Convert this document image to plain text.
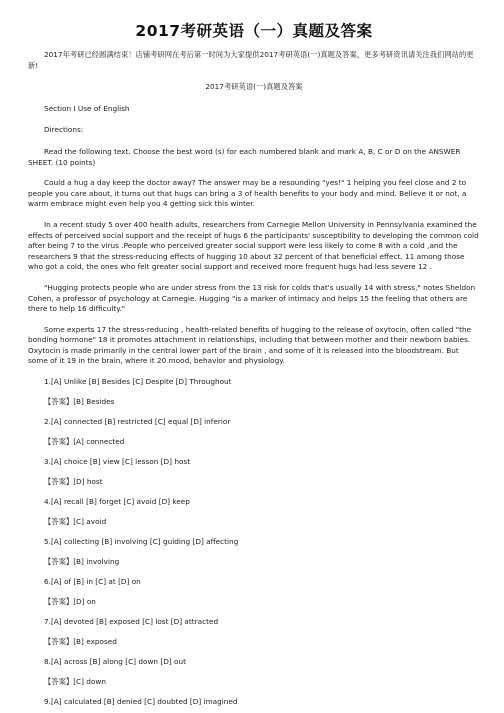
2017考研英语（一）真题及答案

2017年考研已经圆满结束！店铺考研网在考后第一时间为大家提供2017考研英语(一)真题及答案，更多考研资讯请关注我们网站的更新!

2017考研英语(一)真题及答案

Section I Use of English

Directions:

Read the following text. Choose the best word (s) for each numbered blank and mark A, B, C or D on the ANSWER SHEET. (10 points)

Could a hug a day keep the doctor away? The answer may be a resounding "yes!" 1 helping you feel close and 2 to people you care about, it turns out that hugs can bring a 3 of health benefits to your body and mind. Believe it or not, a warm embrace might even help you 4 getting sick this winter.

In a recent study 5 over 400 health adults, researchers from Carnegie Mellon University in Pennsylvania examined the effects of perceived social support and the receipt of hugs 6 the participants' susceptibility to developing the common cold after being 7 to the virus .People who perceived greater social support were less likely to come 8 with a cold ,and the researchers 9 that the stress-reducing effects of hugging 10 about 32 percent of that beneficial effect. 11 among those who got a cold, the ones who felt greater social support and received more frequent hugs had less severe 12 .

"Hugging protects people who are under stress from the 13 risk for colds that's usually 14 with stress," notes Sheldon Cohen, a professor of psychology at Carnegie. Hugging "is a marker of intimacy and helps 15 the feeling that others are there to help 16 difficulty."

Some experts 17 the stress-reducing , health-related benefits of hugging to the release of oxytocin, often called "the bonding hormone" 18 it promotes attachment in relationships, including that between mother and their newborn babies. Oxytocin is made primarily in the central lower part of the brain , and some of it is released into the bloodstream. But some of it 19 in the brain, where it 20 mood, behavior and physiology.

1.[A] Unlike [B] Besides [C] Despite [D] Throughout

【答案】[B] Besides

2.[A] connected [B] restricted [C] equal [D] inferior

【答案】[A] connected

3.[A] choice [B] view [C] lesson [D] host

【答案】[D] host

4.[A] recall [B] forget [C] avoid [D] keep

【答案】[C] avoid

5.[A] collecting [B] involving [C] guiding [D] affecting

【答案】[B] involving

6.[A] of [B] in [C] at [D] on

【答案】[D] on

7.[A] devoted [B] exposed [C] lost [D] attracted

【答案】[B] exposed

8.[A] across [B] along [C] down [D] out

【答案】[C] down

9.[A] calculated [B] denied [C] doubted [D] imagined
